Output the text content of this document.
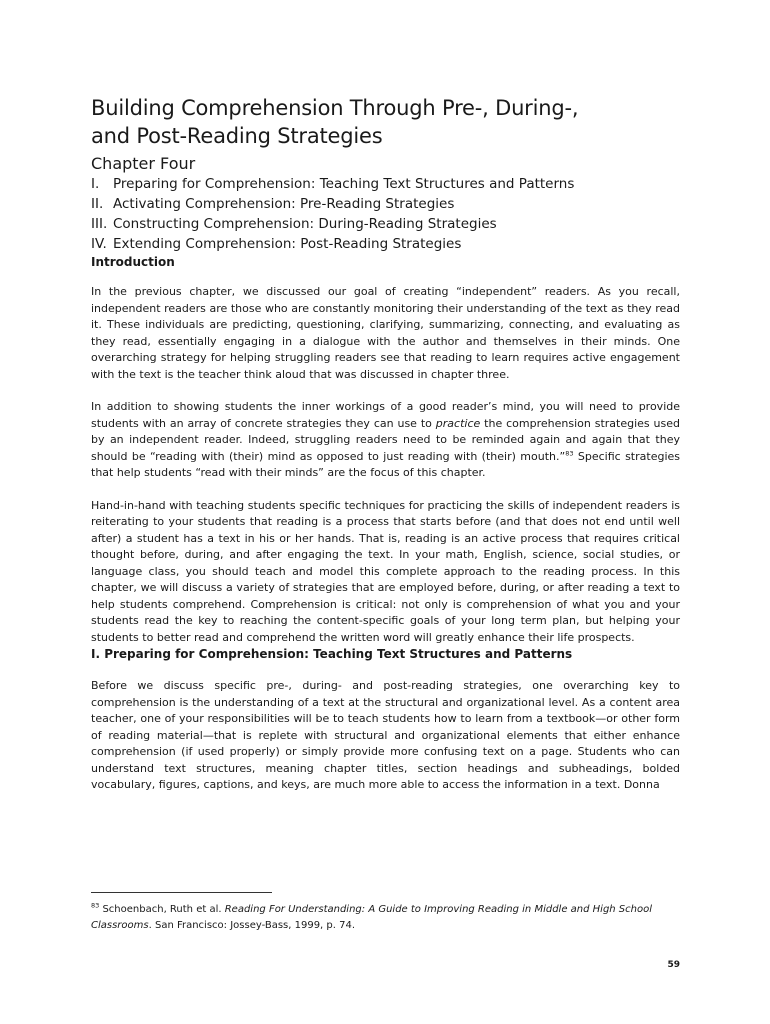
Building Comprehension Through Pre-, During-,
and Post-Reading Strategies
Chapter Four
I.	Preparing for Comprehension: Teaching Text Structures and Patterns
II. Activating Comprehension: Pre-Reading Strategies
III. Constructing Comprehension: During-Reading Strategies
IV. Extending Comprehension: Post-Reading Strategies
Introduction

In the previous chapter, we discussed our goal of creating “independent” readers. As you recall, independent readers are those who are constantly monitoring their understanding of the text as they read it. These individuals are predicting, questioning, clarifying, summarizing, connecting, and evaluating as they read, essentially engaging in a dialogue with the author and themselves in their minds. One overarching strategy for helping struggling readers see that reading to learn requires active engagement with the text is the teacher think aloud that was discussed in chapter three.

In addition to showing students the inner workings of a good reader’s mind, you will need to provide students with an array of concrete strategies they can use to practice the comprehension strategies used by an independent reader. Indeed, struggling readers need to be reminded again and again that they should be “reading with (their) mind as opposed to just reading with (their) mouth.”$^{83}$ Specific strategies that help students “read with their minds” are the focus of this chapter.

Hand-in-hand with teaching students specific techniques for practicing the skills of independent readers is reiterating to your students that reading is a process that starts before (and that does not end until well after) a student has a text in his or her hands. That is, reading is an active process that requires critical thought before, during, and after engaging the text. In your math, English, science, social studies, or language class, you should teach and model this complete approach to the reading process. In this chapter, we will discuss a variety of strategies that are employed before, during, or after reading a text to help students comprehend. Comprehension is critical: not only is comprehension of what you and your students read the key to reaching the content-specific goals of your long term plan, but helping your students to better read and comprehend the written word will greatly enhance their life prospects.

I. Preparing for Comprehension: Teaching Text Structures and Patterns

Before we discuss specific pre-, during- and post-reading strategies, one overarching key to comprehension is the understanding of a text at the structural and organizational level. As a content area teacher, one of your responsibilities will be to teach students how to learn from a textbook—or other form of reading material—that is replete with structural and organizational elements that either enhance comprehension (if used properly) or simply provide more confusing text on a page. Students who can understand text structures, meaning chapter titles, section headings and subheadings, bolded vocabulary, figures, captions, and keys, are much more able to access the information in a text. Donna

$^{83}$ Schoenbach, Ruth et al. Reading For Understanding: A Guide to Improving Reading in Middle and High School Classrooms. San Francisco: Jossey-Bass, 1999, p. 74.
59
